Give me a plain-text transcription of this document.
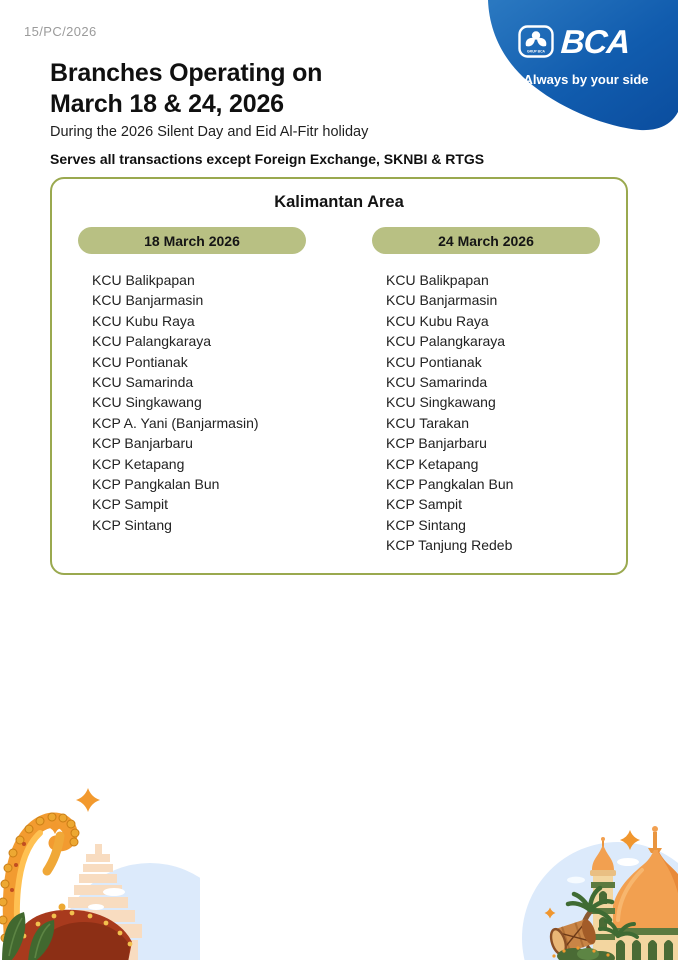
15/PC/2026
GRUP BCA BCA
Always by your side
Branches Operating on
March 18 & 24, 2026
During the 2026 Silent Day and Eid Al-Fitr holiday
Serves all transactions except Foreign Exchange, SKNBI & RTGS
Kalimantan Area
18 March 2026
KCU Balikpapan
KCU Banjarmasin
KCU Kubu Raya
KCU Palangkaraya
KCU Pontianak
KCU Samarinda
KCU Singkawang
KCP A. Yani (Banjarmasin)
KCP Banjarbaru
KCP Ketapang
KCP Pangkalan Bun
KCP Sampit
KCP Sintang
24 March 2026
KCU Balikpapan
KCU Banjarmasin
KCU Kubu Raya
KCU Palangkaraya
KCU Pontianak
KCU Samarinda
KCU Singkawang
KCU Tarakan
KCP Banjarbaru
KCP Ketapang
KCP Pangkalan Bun
KCP Sampit
KCP Sintang
KCP Tanjung Redeb
